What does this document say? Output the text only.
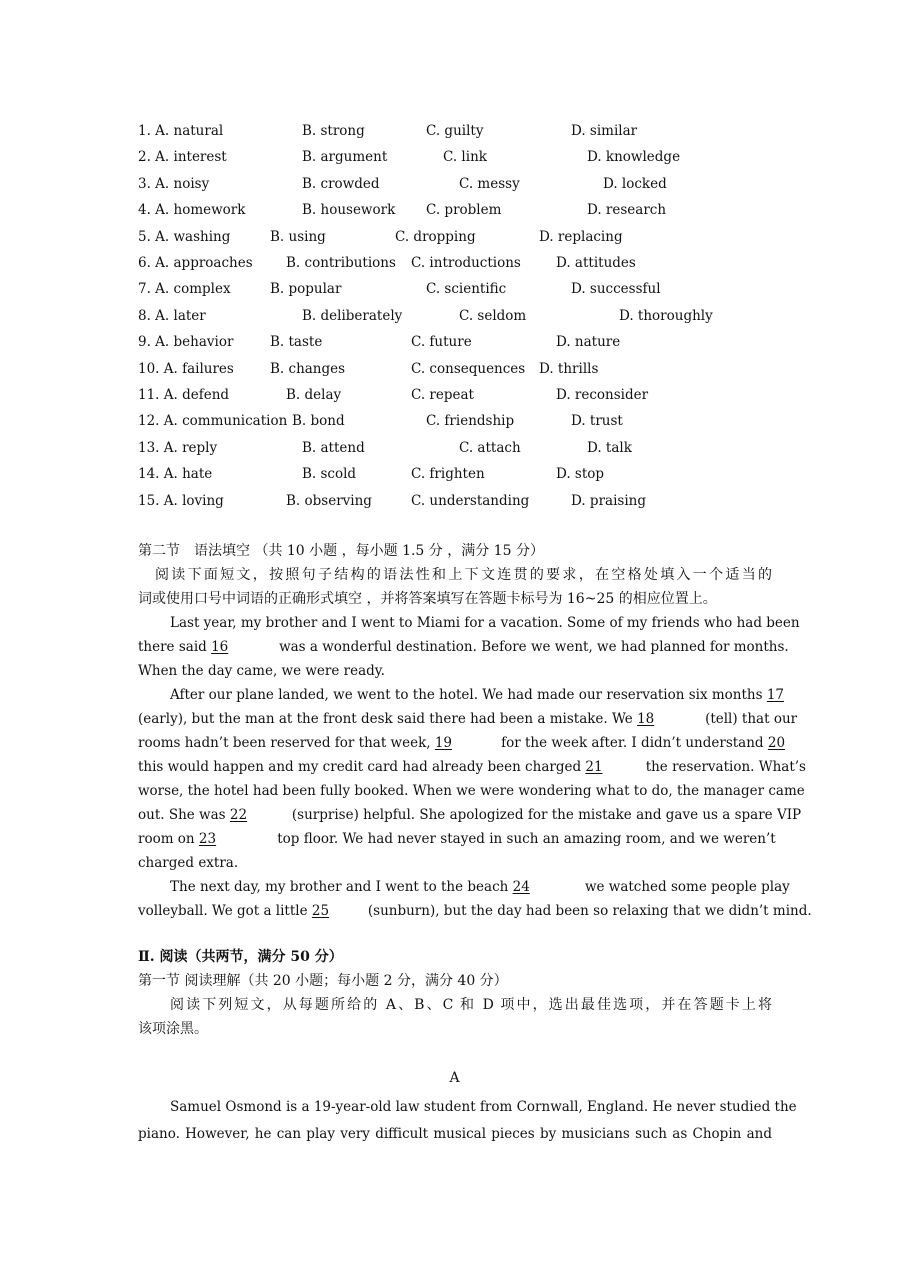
1. A. natural	B. strong	C. guilty	D. similar
2. A. interest	B. argument	C. link	D. knowledge
3. A. noisy	B. crowded	C. messy	D. locked
4. A. homework	B. housework C. problem	D. research
5. A. washing	B. using	C. dropping	D. replacing
6. A. approaches B. contributions C. introductions	D. attitudes
7. A. complex	B. popular	C. scientific	D. successful
8. A. later	B. deliberately	C. seldom	D. thoroughly
9. A. behavior	B. taste	C. future	D. nature
10. A. failures	B. changes	C. consequences D. thrills
11. A. defend	B. delay	C. repeat	D. reconsider
12. A. communication B. bond	C. friendship	D. trust
13. A. reply	B. attend	C. attach	D. talk
14. A. hate	B. scold	C. frighten	D. stop
15. A. loving	B. observing	C. understanding	D. praising
第二节　语法填空 （共 10 小题 ，每小题 1.5 分 ，满分 15 分）
阅读下面短文，按照句子结构的语法性和上下文连贯的要求，在空格处填入一个适当的
词或使用口号中词语的正确形式填空 ，并将答案填写在答题卡标号为 16~25 的相应位置上。
Last year, my brother and I went to Miami for a vacation. Some of my friends who had been
there said 16	was a wonderful destination. Before we went, we had planned for months.
When the day came, we were ready.
After our plane landed, we went to the hotel. We had made our reservation six months 17
(early), but the man at the front desk said there had been a mistake. We 18	(tell) that our
rooms hadn’t been reserved for that week, 19	for the week after. I didn’t understand 20
this would happen and my credit card had already been charged 21	the reservation. What’s
worse, the hotel had been fully booked. When we were wondering what to do, the manager came
out. She was 22	(surprise) helpful. She apologized for the mistake and gave us a spare VIP
room on 23	top floor. We had never stayed in such an amazing room, and we weren’t
charged extra.
The next day, my brother and I went to the beach 24	we watched some people play
volleyball. We got a little 25	(sunburn), but the day had been so relaxing that we didn’t mind.
Ⅱ. 阅读（共两节，满分 50 分）
第一节 阅读理解（共 20 小题；每小题 2 分，满分 40 分）
阅读下列短文，从每题所给的 A、B、C 和 D 项中，选出最佳选项，并在答题卡上将
该项涂黑。
A
Samuel Osmond is a 19-year-old law student from Cornwall, England. He never studied the
piano. However, he can play very difficult musical pieces by musicians such as Chopin and
